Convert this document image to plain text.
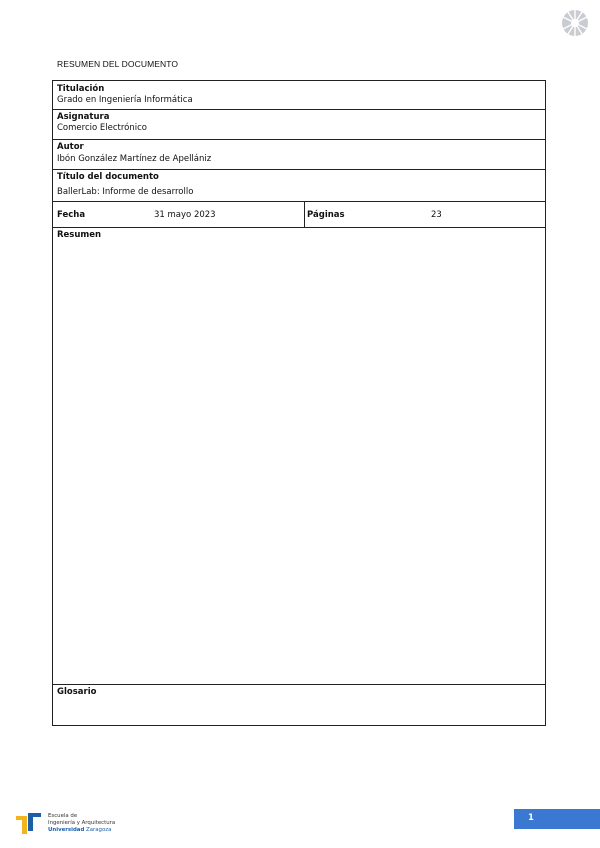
RESUMEN DEL DOCUMENTO
Titulación
Grado en Ingeniería Informática
Asignatura
Comercio Electrónico
Autor
Ibón González Martínez de Apellániz
Título del documento
BallerLab: Informe de desarrollo
Fecha	31 mayo 2023	Páginas	23
Resumen
Glosario
Escuela de
Ingeniería y Arquitectura
Universidad Zaragoza
1
